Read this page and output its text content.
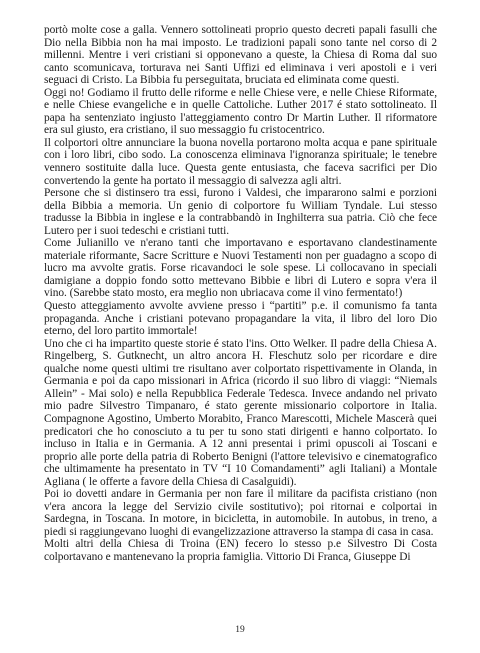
portò molte cose a galla. Vennero sottolineati proprio questo decreti papali fasulli che Dio nella Bibbia non ha mai imposto. Le tradizioni papali sono tante nel corso di 2 millenni. Mentre i veri cristiani si opponevano a queste, la Chiesa di Roma dal suo canto scomunicava, torturava nei Santi Uffizi ed eliminava i veri apostoli e i veri seguaci di Cristo. La Bibbia fu perseguitata, bruciata ed eliminata come questi.

Oggi no! Godiamo il frutto delle riforme e nelle Chiese vere, e nelle Chiese Riformate, e nelle Chiese evangeliche e in quelle Cattoliche. Luther 2017 é stato sottolineato. Il papa ha sentenziato ingiusto l'atteggiamento contro Dr Martin Luther. Il riformatore era sul giusto, era cristiano, il suo messaggio fu cristocentrico.

Il colportori oltre annunciare la buona novella portarono molta acqua e pane spirituale con i loro libri, cibo sodo. La conoscenza eliminava l'ignoranza spirituale; le tenebre vennero sostituite dalla luce. Questa gente entusiasta, che faceva sacrifici per Dio convertendo la gente ha portato il messaggio di salvezza agli altri.

Persone che si distinsero tra essi, furono i Valdesi, che impararono salmi e porzioni della Bibbia a memoria. Un genio di colportore fu William Tyndale. Lui stesso tradusse la Bibbia in inglese e la contrabbandò in Inghilterra sua patria. Ciò che fece Lutero per i suoi tedeschi e cristiani tutti.

Come Julianillo ve n'erano tanti che importavano e esportavano clandestinamente materiale riformante, Sacre Scritture e Nuovi Testamenti non per guadagno a scopo di lucro ma avvolte gratis. Forse ricavandoci le sole spese. Li collocavano in speciali damigiane a doppio fondo sotto mettevano Bibbie e libri di Lutero e sopra v'era il vino. (Sarebbe stato mosto, era meglio non ubriacava come il vino fermentato!)

Questo atteggiamento avvolte avviene presso i “partiti” p.e. il comunismo fa tanta propaganda. Anche i cristiani potevano propagandare la vita, il libro del loro Dio eterno, del loro partito immortale!

Uno che ci ha impartito queste storie é stato l'ins. Otto Welker. Il padre della Chiesa A. Ringelberg, S. Gutknecht, un altro ancora H. Fleschutz solo per ricordare e dire qualche nome questi ultimi tre risultano aver colportato rispettivamente in Olanda, in Germania e poi da capo missionari in Africa (ricordo il suo libro di viaggi: “Niemals Allein” - Mai solo) e nella Repubblica Federale Tedesca. Invece andando nel privato mio padre Silvestro Timpanaro, é stato gerente missionario colportore in Italia. Compagnone Agostino, Umberto Morabito, Franco Marescotti, Michele Mascerà quei predicatori che ho conosciuto a tu per tu sono stati dirigenti e hanno colportato. Io incluso in Italia e in Germania. A 12 anni presentai i primi opuscoli ai Toscani e proprio alle porte della patria di Roberto Benigni (l'attore televisivo e cinematografico che ultimamente ha presentato in TV “I 10 Comandamenti” agli Italiani) a Montale Agliana ( le offerte a favore della Chiesa di Casalguidi).

Poi io dovetti andare in Germania per non fare il militare da pacifista cristiano (non v'era ancora la legge del Servizio civile sostitutivo); poi ritornai e colportai in Sardegna, in Toscana. In motore, in bicicletta, in automobile. In autobus, in treno, a piedi si raggiungevano luoghi di evangelizzazione attraverso la stampa di casa in casa.

Molti altri della Chiesa di Troina (EN) fecero lo stesso p.e Silvestro Di Costa colportavano e mantenevano la propria famiglia. Vittorio Di Franca, Giuseppe Di

19
